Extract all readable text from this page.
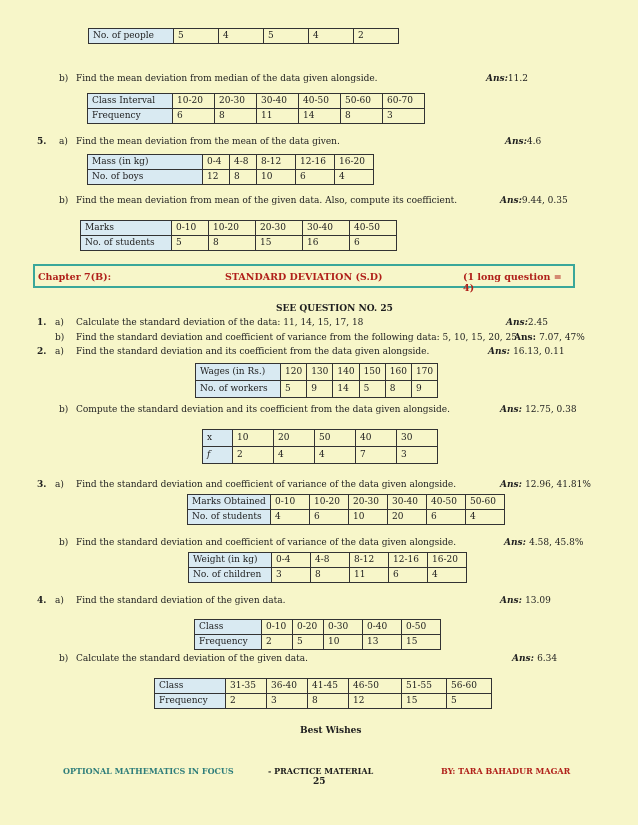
No. of people	5	4	5	4	2
b) Find the mean deviation from median of the data given alongside.	Ans:11.2
Class Interval	10-20	20-30	30-40	40-50	50-60	60-70
Frequency	6	8	11	14	8	3
5. a) Find the mean deviation from the mean of the data given.	Ans:4.6
Mass (in kg)	0-4	4-8	8-12	12-16	16-20
No. of boys	12	8	10	6	4
b) Find the mean deviation from mean of the given data. Also, compute its coefficient.	Ans:9.44, 0.35
Marks	0-10	10-20	20-30	30-40	40-50
No. of students	5	8	15	16	6
Chapter 7(B):	STANDARD DEVIATION (S.D)	(1 long question = 4)
SEE QUESTION NO. 25
1. a) Calculate the standard deviation of the data: 11, 14, 15, 17, 18	Ans:2.45
b) Find the standard deviation and coefficient of variance from the following data: 5, 10, 15, 20, 25
Ans: 7.07, 47%
2. a) Find the standard deviation and its coefficient from the data given alongside.	Ans: 16.13, 0.11
Wages (in Rs.)	120	130	140	150	160	170
No. of workers	5	9	14	5	8	9
b) Compute the standard deviation and its coefficient from the data given alongside.	Ans: 12.75, 0.38
x	10	20	50	40	30
f	2	4	4	7	3
3. a) Find the standard deviation and coefficient of variance of the data given alongside.	Ans: 12.96, 41.81%
Marks Obtained	0-10	10-20	20-30	30-40	40-50	50-60
No. of students	4	6	10	20	6	4
b) Find the standard deviation and coefficient of variance of the data given alongside.	Ans: 4.58, 45.8%
Weight (in kg)	0-4	4-8	8-12	12-16	16-20
No. of children	3	8	11	6	4
4. a) Find the standard deviation of the given data.	Ans: 13.09
Class	0-10	0-20	0-30	0-40	0-50
Frequency	2	5	10	13	15
b) Calculate the standard deviation of the given data.	Ans: 6.34
Class	31-35	36-40	41-45	46-50	51-55	56-60
Frequency	2	3	8	12	15	5
Best Wishes
OPTIONAL MATHEMATICS IN FOCUS	- PRACTICE MATERIAL	BY: TARA BAHADUR MAGAR
25
